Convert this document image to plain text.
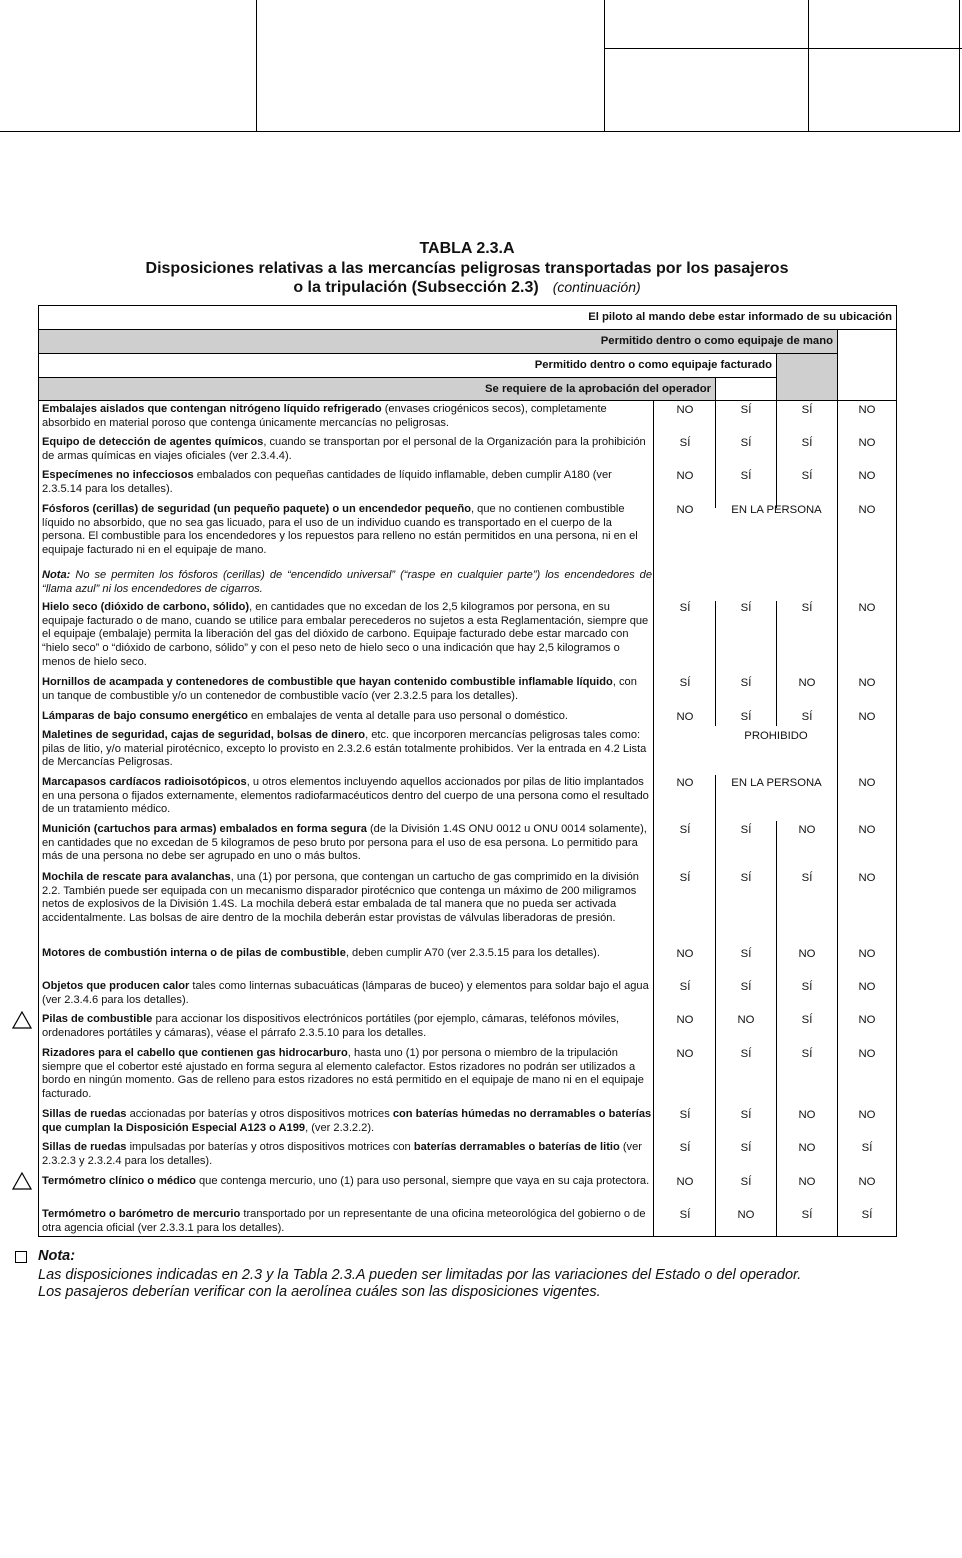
TABLA 2.3.A
Disposiciones relativas a las mercancías peligrosas transportadas por los pasajeros
o la tripulación (Subsección 2.3) (continuación)
El piloto al mando debe estar informado de su ubicación
Permitido dentro o como equipaje de mano
Permitido dentro o como equipaje facturado
Se requiere de la aprobación del operador
Embalajes aislados que contengan nitrógeno líquido refrigerado (envases criogénicos secos), completamente absorbido en material poroso que contenga únicamente mercancías no peligrosas.
NO	SÍ	SÍ	NO
Equipo de detección de agentes químicos, cuando se transportan por el personal de la Organización para la prohibición de armas químicas en viajes oficiales (ver 2.3.4.4).
SÍ	SÍ	SÍ	NO
Especímenes no infecciosos embalados con pequeñas cantidades de líquido inflamable, deben cumplir A180 (ver 2.3.5.14 para los detalles).
NO	SÍ	SÍ	NO
Fósforos (cerillas) de seguridad (un pequeño paquete) o un encendedor pequeño, que no contienen combustible líquido no absorbido, que no sea gas licuado, para el uso de un individuo cuando es transportado en el cuerpo de la persona. El combustible para los encendedores y los repuestos para relleno no están permitidos en una persona, ni en el equipaje facturado ni en el equipaje de mano.
Nota: No se permiten los fósforos (cerillas) de “encendido universal” (“raspe en cualquier parte”) los encendedores de “llama azul” ni los encendedores de cigarros.
NO	EN LA PERSONA	NO
Hielo seco (dióxido de carbono, sólido), en cantidades que no excedan de los 2,5 kilogramos por persona, en su equipaje facturado o de mano, cuando se utilice para embalar perecederos no sujetos a esta Reglamentación, siempre que el equipaje (embalaje) permita la liberación del gas del dióxido de carbono. Equipaje facturado debe estar marcado con “hielo seco” o “dióxido de carbono, sólido” y con el peso neto de hielo seco o una indicación que hay 2,5 kilogramos o menos de hielo seco.
SÍ	SÍ	SÍ	NO
Hornillos de acampada y contenedores de combustible que hayan contenido combustible inflamable líquido, con un tanque de combustible y/o un contenedor de combustible vacío (ver 2.3.2.5 para los detalles).
SÍ	SÍ	NO	NO
Lámparas de bajo consumo energético en embalajes de venta al detalle para uso personal o doméstico.	NO	SÍ	SÍ	NO
Maletines de seguridad, cajas de seguridad, bolsas de dinero, etc. que incorporen mercancías peligrosas tales como: pilas de litio, y/o material pirotécnico, excepto lo provisto en 2.3.2.6 están totalmente prohibidos. Ver la entrada en 4.2 Lista de Mercancías Peligrosas.
PROHIBIDO
Marcapasos cardíacos radioisotópicos, u otros elementos incluyendo aquellos accionados por pilas de litio implantados en una persona o fijados externamente, elementos radiofarmacéuticos dentro del cuerpo de una persona como el resultado de un tratamiento médico.
NO	EN LA PERSONA	NO
Munición (cartuchos para armas) embalados en forma segura (de la División 1.4S ONU 0012 u ONU 0014 solamente), en cantidades que no excedan de 5 kilogramos de peso bruto por persona para el uso de esa persona. Lo permitido para más de una persona no debe ser agrupado en uno o más bultos.
SÍ	SÍ	NO	NO
Mochila de rescate para avalanchas, una (1) por persona, que contengan un cartucho de gas comprimido en la división 2.2. También puede ser equipada con un mecanismo disparador pirotécnico que contenga un máximo de 200 miligramos netos de explosivos de la División 1.4S. La mochila deberá estar embalada de tal manera que no pueda ser activada accidentalmente. Las bolsas de aire dentro de la mochila deberán estar provistas de válvulas liberadoras de presión.
SÍ	SÍ	SÍ	NO
Motores de combustión interna o de pilas de combustible, deben cumplir A70 (ver 2.3.5.15 para los detalles).	NO	SÍ	NO	NO
Objetos que producen calor tales como linternas subacuáticas (lámparas de buceo) y elementos para soldar bajo el agua (ver 2.3.4.6 para los detalles).
SÍ	SÍ	SÍ	NO
Pilas de combustible para accionar los dispositivos electrónicos portátiles (por ejemplo, cámaras, teléfonos móviles, ordenadores portátiles y cámaras), véase el párrafo 2.3.5.10 para los detalles.
NO	NO	SÍ	NO
Rizadores para el cabello que contienen gas hidrocarburo, hasta uno (1) por persona o miembro de la tripulación siempre que el cobertor esté ajustado en forma segura al elemento calefactor. Estos rizadores no podrán ser utilizados a bordo en ningún momento. Gas de relleno para estos rizadores no está permitido en el equipaje de mano ni en el equipaje facturado.
NO	SÍ	SÍ	NO
Sillas de ruedas accionadas por baterías y otros dispositivos motrices con baterías húmedas no derramables o baterías que cumplan la Disposición Especial A123 o A199, (ver 2.3.2.2).
SÍ	SÍ	NO	NO
Sillas de ruedas impulsadas por baterías y otros dispositivos motrices con baterías derramables o baterías de litio (ver 2.3.2.3 y 2.3.2.4 para los detalles).
SÍ	SÍ	NO	SÍ
Termómetro clínico o médico que contenga mercurio, uno (1) para uso personal, siempre que vaya en su caja protectora.	NO	SÍ	NO	NO
Termómetro o barómetro de mercurio transportado por un representante de una oficina meteorológica del gobierno o de otra agencia oficial (ver 2.3.3.1 para los detalles).
SÍ	NO	SÍ	SÍ
Nota:
Las disposiciones indicadas en 2.3 y la Tabla 2.3.A pueden ser limitadas por las variaciones del Estado o del operador.
Los pasajeros deberían verificar con la aerolínea cuáles son las disposiciones vigentes.
